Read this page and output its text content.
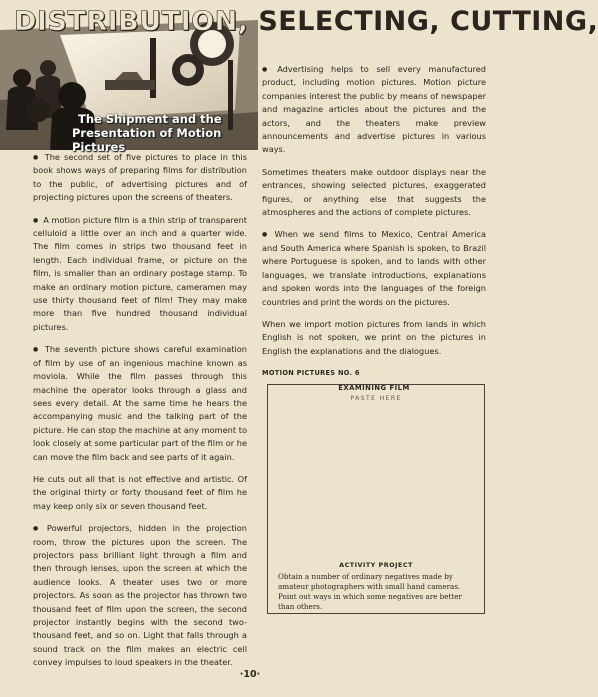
DISTRIBUTION, SELECTING, CUTTING,
The Shipment and the
Presentation of Motion Pictures

● The second set of five pictures to place in this book shows ways of preparing films for distribution to the public, of advertising pictures and of projecting pictures upon the screens of theaters.

● A motion picture film is a thin strip of transparent celluloid a little over an inch and a quarter wide. The film comes in strips two thousand feet in length. Each individual frame, or picture on the film, is smaller than an ordinary postage stamp. To make an ordinary motion picture, cameramen may use thirty thousand feet of film! They may make more than five hundred thousand individual pictures.

● The seventh picture shows careful examination of film by use of an ingenious machine known as moviola. While the film passes through this machine the operator looks through a glass and sees every detail. At the same time he hears the accompanying music and the talking part of the picture. He can stop the machine at any moment to look closely at some particular part of the film or he can move the film back and see parts of it again.

He cuts out all that is not effective and artistic. Of the original thirty or forty thousand feet of film he may keep only six or seven thousand feet.

● Powerful projectors, hidden in the projection room, throw the pictures upon the screen. The projectors pass brilliant light through a film and then through lenses, upon the screen at which the audience looks. A theater uses two or more projectors. As soon as the projector has thrown two thousand feet of film upon the screen, the second projector instantly begins with the second two-thousand feet, and so on. Light that falls through a sound track on the film makes an electric cell convey impulses to loud speakers in the theater.

● Advertising helps to sell every manufactured product, including motion pictures. Motion picture companies interest the public by means of newspaper and magazine articles about the pictures and the actors, and the theaters make preview announcements and advertise pictures in various ways.

Sometimes theaters make outdoor displays near the entrances, showing selected pictures, exaggerated figures, or anything else that suggests the atmospheres and the actions of complete pictures.

● When we send films to Mexico, Central America and South America where Spanish is spoken, to Brazil where Portuguese is spoken, and to lands with other languages, we translate introductions, explanations and spoken words into the languages of the foreign countries and print the words on the pictures.

When we import motion pictures from lands in which English is not spoken, we print on the pictures in English the explanations and the dialogues.

MOTION PICTURES NO. 6
EXAMINING FILM
PASTE HERE
ACTIVITY PROJECT
Obtain a number of ordinary negatives made by amateur photographers with small hand cameras. Point out ways in which some negatives are better than others.
·10·
